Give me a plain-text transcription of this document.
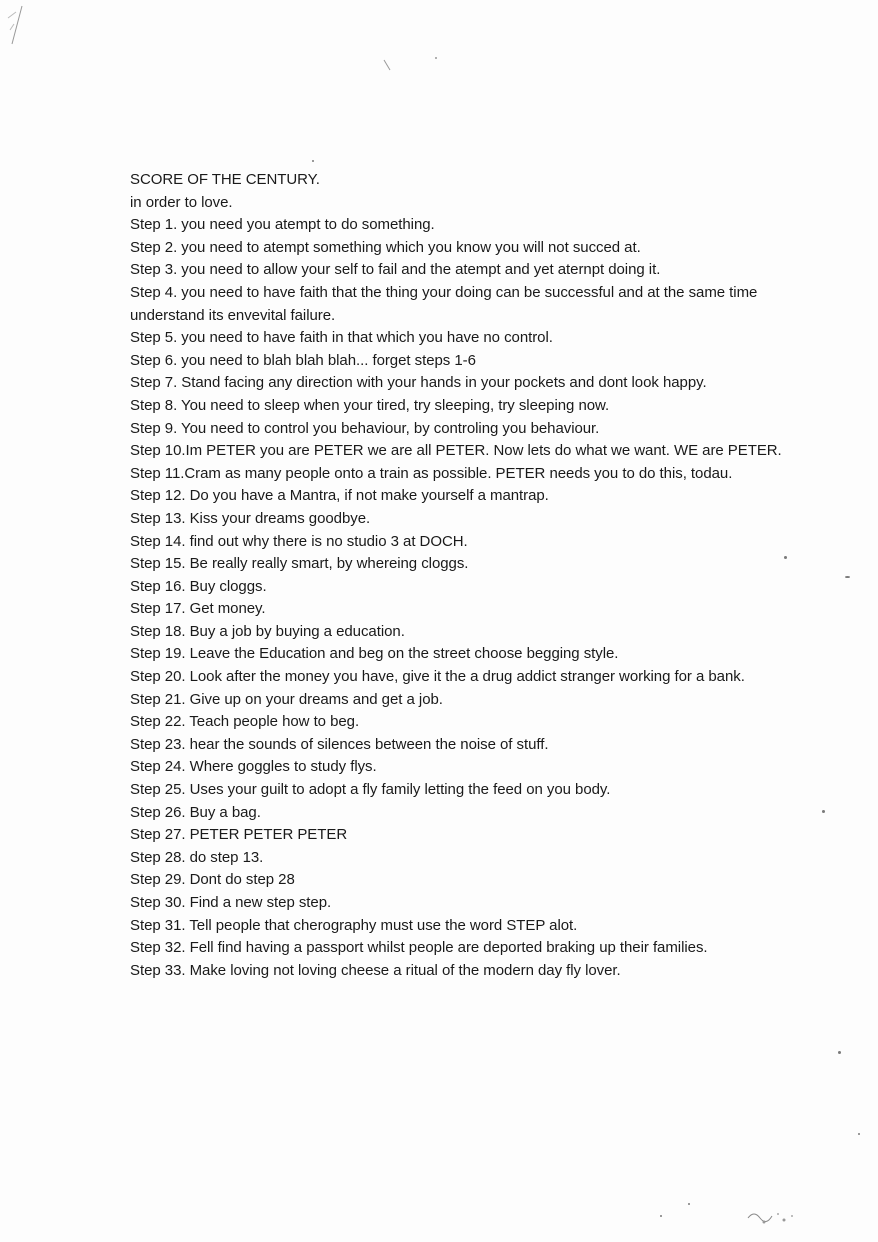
SCORE OF THE CENTURY.
in order to love.
Step 1. you need you atempt to do something.
Step 2. you need to atempt something which you know you will not succed at.
Step 3. you need to allow your self to fail and the atempt and yet aternpt doing it.
Step 4. you need to have faith that the thing your doing can be successful and at the same time understand its envevital failure.
Step 5. you need to have faith in that which you have no control.
Step 6. you need to blah blah blah... forget steps 1-6
Step 7. Stand facing any direction with your hands in your pockets and dont look happy.
Step 8. You need to sleep when your tired, try sleeping, try sleeping now.
Step 9. You need to control you behaviour, by controling you behaviour.
Step 10.Im PETER you are PETER we are all PETER. Now lets do what we want. WE are PETER.
Step 11.Cram as many people onto a train as possible. PETER needs you to do this, todau.
Step 12. Do you have a Mantra, if not make yourself a mantrap.
Step 13. Kiss your dreams goodbye.
Step 14. find out why there is no studio 3 at DOCH.
Step 15. Be really really smart, by whereing cloggs.
Step 16. Buy cloggs.
Step 17. Get money.
Step 18. Buy a job by buying a education.
Step 19. Leave the Education and beg on the street choose begging style.
Step 20. Look after the money you have, give it the a drug addict stranger working for a bank.
Step 21. Give up on your dreams and get a job.
Step 22. Teach people how to beg.
Step 23. hear the sounds of silences between the noise of stuff.
Step 24. Where goggles to study flys.
Step 25. Uses your guilt to adopt a fly family letting the feed on you body.
Step 26. Buy a bag.
Step 27. PETER PETER PETER
Step 28. do step 13.
Step 29. Dont do step 28
Step 30. Find a new step step.
Step 31. Tell people that cherography must use the word STEP alot.
Step 32. Fell find having a passport whilst people are deported braking up their families.
Step 33. Make loving not loving cheese a ritual of the modern day fly lover.
